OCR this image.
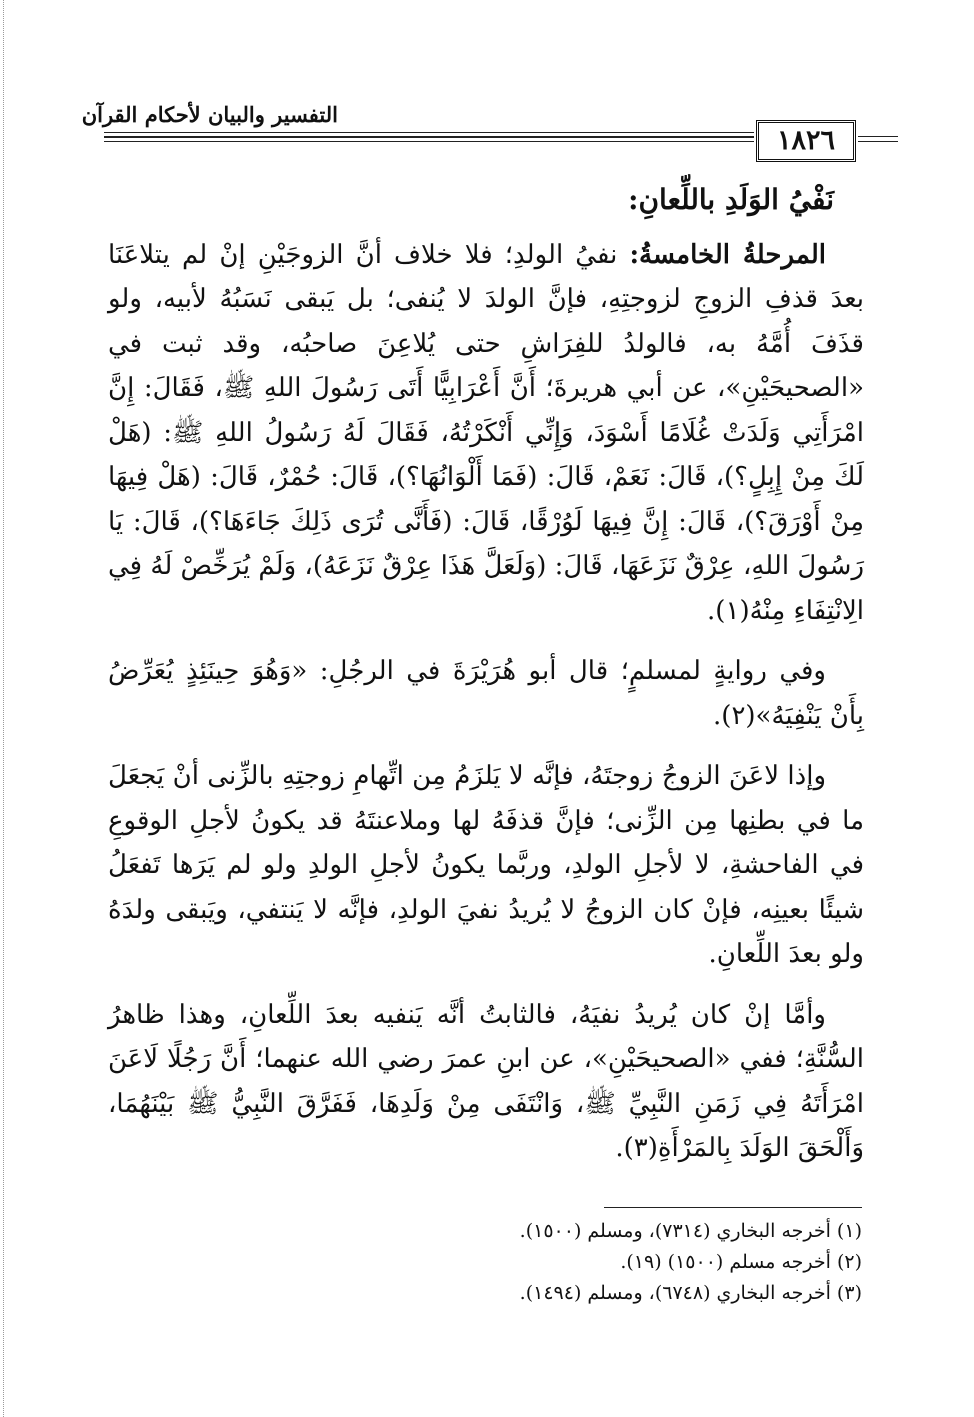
التفسير والبيان لأحكام القرآن
١٨٢٦
نَفْيُ الوَلَدِ باللِّعانِ:

المرحلةُ الخامسةُ: نفيُ الولدِ؛ فلا خلاف أنَّ الزوجَيْنِ إنْ لم يتلاعَنَا بعدَ قذفِ الزوجِ لزوجتِهِ، فإنَّ الولدَ لا يُنفى؛ بل يَبقى نَسَبُهُ لأبيه، ولو قذَفَ أُمَّهُ به، فالولدُ للفِرَاشِ حتى يُلاعِنَ صاحبُه، وقد ثبت في «الصحيحَيْنِ»، عن أبي هريرةَ؛ أَنَّ أَعْرَابِيًّا أَتَى رَسُولَ اللهِ ﷺ، فَقَالَ: إِنَّ امْرَأَتِي وَلَدَتْ غُلَامًا أَسْوَدَ، وَإِنِّي أَنْكَرْتُهُ، فَقَالَ لَهُ رَسُولُ اللهِ ﷺ: (هَلْ لَكَ مِنْ إِبِلٍ؟)، قَالَ: نَعَمْ، قَالَ: (فَمَا أَلْوَانُهَا؟)، قَالَ: حُمْرٌ، قَالَ: (هَلْ فِيهَا مِنْ أَوْرَقَ؟)، قَالَ: إِنَّ فِيهَا لَوُرْقًا، قَالَ: (فَأَنَّى تُرَى ذَلِكَ جَاءَهَا؟)، قَالَ: يَا رَسُولَ اللهِ، عِرْقٌ نَزَعَهَا، قَالَ: (وَلَعَلَّ هَذَا عِرْقٌ نَزَعَهُ)، وَلَمْ يُرَخِّصْ لَهُ فِي الِانْتِفَاءِ مِنْهُ(١).

وفي روايةٍ لمسلمٍ؛ قال أبو هُرَيْرَةَ في الرجُلِ: «وَهُوَ حِينَئِذٍ يُعَرِّضُ بِأَنْ يَنْفِيَهُ»(٢).

وإذا لاعَنَ الزوجُ زوجتَهُ، فإنَّه لا يَلزَمُ مِن اتِّهامِ زوجتِهِ بالزِّنى أنْ يَجعَلَ ما في بطنِها مِن الزِّنى؛ فإنَّ قذفَهُ لها وملاعنتَهُ قد يكونُ لأجلِ الوقوعِ في الفاحشةِ، لا لأجلِ الولدِ، وربَّما يكونُ لأجلِ الولدِ ولو لم يَرَها تَفعَلُ شيئًا بعينِه، فإنْ كان الزوجُ لا يُريدُ نفيَ الولدِ، فإنَّه لا يَنتفي، ويَبقى ولدَهُ ولو بعدَ اللِّعانِ.

وأمَّا إنْ كان يُريدُ نفيَهُ، فالثابتُ أنَّه يَنفيه بعدَ اللِّعانِ، وهذا ظاهرُ السُّنَّةِ؛ ففي «الصحيحَيْنِ»، عن ابنِ عمرَ رضي الله عنهما؛ أَنَّ رَجُلًا لَاعَنَ امْرَأَتَهُ فِي زَمَنِ النَّبِيِّ ﷺ، وَانْتَفَى مِنْ وَلَدِهَا، فَفَرَّقَ النَّبِيُّ ﷺ بَيْنَهُمَا، وَأَلْحَقَ الوَلَدَ بِالمَرْأَةِ(٣).

(١) أخرجه البخاري (٧٣١٤)، ومسلم (١٥٠٠).
(٢) أخرجه مسلم (١٥٠٠) (١٩).
(٣) أخرجه البخاري (٦٧٤٨)، ومسلم (١٤٩٤).
